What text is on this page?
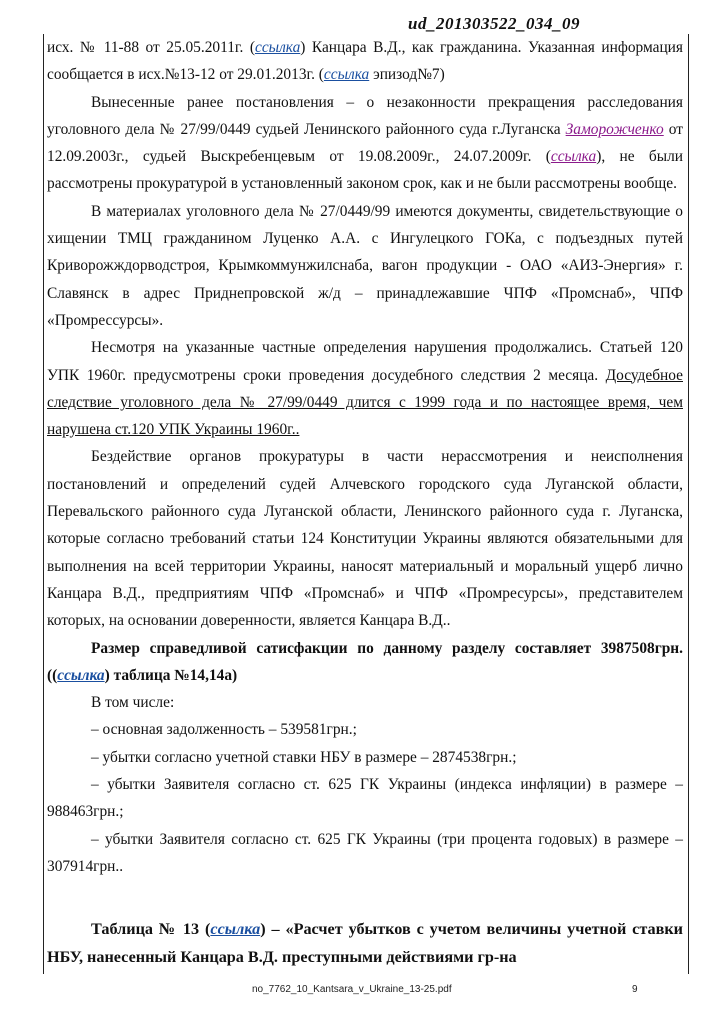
ud_201303522_034_09

исх. № 11-88 от 25.05.2011г. (ссылка) Канцара В.Д., как гражданина. Указанная информация сообщается в исх.№13-12 от 29.01.2013г. (ссылка эпизод№7)

Вынесенные ранее постановления – о незаконности прекращения расследования уголовного дела № 27/99/0449 судьей Ленинского районного суда г.Луганска Заморожченко от 12.09.2003г., судьей Выскребенцевым от 19.08.2009г., 24.07.2009г. (ссылка), не были рассмотрены прокуратурой в установленный законом срок, как и не были рассмотрены вообще.

В материалах уголовного дела № 27/0449/99 имеются документы, свидетельствующие о хищении ТМЦ гражданином Луценко А.А. с Ингулецкого ГОКа, с подъездных путей Криворожждорводстроя, Крымкоммунжилснаба, вагон продукции - ОАО «АИЗ-Энергия» г. Славянск в адрес Приднепровской ж/д – принадлежавшие ЧПФ «Промснаб», ЧПФ «Промрессурсы».

Несмотря на указанные частные определения нарушения продолжались. Статьей 120 УПК 1960г. предусмотрены сроки проведения досудебного следствия 2 месяца. Досудебное следствие уголовного дела № 27/99/0449 длится с 1999 года и по настоящее время, чем нарушена ст.120 УПК Украины 1960г..

Бездействие органов прокуратуры в части нерассмотрения и неисполнения постановлений и определений судей Алчевского городского суда Луганской области, Перевальского районного суда Луганской области, Ленинского районного суда г. Луганска, которые согласно требований статьи 124 Конституции Украины являются обязательными для выполнения на всей территории Украины, наносят материальный и моральный ущерб лично Канцара В.Д., предприятиям ЧПФ «Промснаб» и ЧПФ «Промресурсы», представителем которых, на основании доверенности, является Канцара В.Д..

Размер справедливой сатисфакции по данному разделу составляет 3987508грн. ((ссылка) таблица №14,14а)

В том числе:

– основная задолженность – 539581грн.;

– убытки согласно учетной ставки НБУ в размере – 2874538грн.;

– убытки Заявителя согласно ст. 625 ГК Украины (индекса инфляции) в размере – 988463грн.;

– убытки Заявителя согласно ст. 625 ГК Украины (три процента годовых) в размере – 307914грн..

Таблица № 13 (ссылка) – «Расчет убытков с учетом величины учетной ставки НБУ, нанесенный Канцара В.Д. преступными действиями гр-на

no_7762_10_Kantsara_v_Ukraine_13-25.pdf	9
